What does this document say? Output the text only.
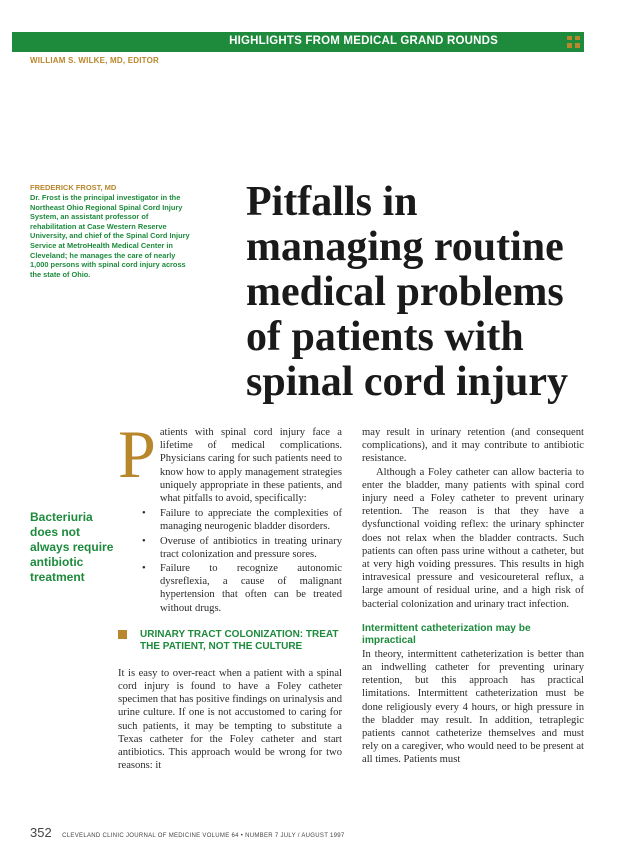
HIGHLIGHTS FROM MEDICAL GRAND ROUNDS
WILLIAM S. WILKE, MD, EDITOR
FREDERICK FROST, MD
Dr. Frost is the principal investigator in the Northeast Ohio Regional Spinal Cord Injury System, an assistant professor of rehabilitation at Case Western Reserve University, and chief of the Spinal Cord Injury Service at MetroHealth Medical Center in Cleveland; he manages the care of nearly 1,000 persons with spinal cord injury across the state of Ohio.
Pitfalls in managing routine medical problems of patients with spinal cord injury
Bacteriuria does not always require antibiotic treatment

Patients with spinal cord injury face a lifetime of medical complications. Physicians caring for such patients need to know how to apply management strategies uniquely appropriate in these patients, and what pitfalls to avoid, specifically:

• Failure to appreciate the complexities of managing neurogenic bladder disorders.
• Overuse of antibiotics in treating urinary tract colonization and pressure sores.
• Failure to recognize autonomic dysreflexia, a cause of malignant hypertension that often can be treated without drugs.
URINARY TRACT COLONIZATION: TREAT THE PATIENT, NOT THE CULTURE

It is easy to over-react when a patient with a spinal cord injury is found to have a Foley catheter specimen that has positive findings on urinalysis and urine culture. If one is not accustomed to caring for such patients, it may be tempting to substitute a Texas catheter for the Foley catheter and start antibiotics. This approach would be wrong for two reasons: it

may result in urinary retention (and consequent complications), and it may contribute to antibiotic resistance.

Although a Foley catheter can allow bacteria to enter the bladder, many patients with spinal cord injury need a Foley catheter to prevent urinary retention. The reason is that they have a dysfunctional voiding reflex: the urinary sphincter does not relax when the bladder contracts. Such patients can often pass urine without a catheter, but at very high voiding pressures. This results in high intravesical pressure and vesicoureteral reflux, a large amount of residual urine, and a high risk of bacterial colonization and urinary tract infection.

Intermittent catheterization may be impractical

In theory, intermittent catheterization is better than an indwelling catheter for preventing urinary retention, but this approach has practical limitations. Intermittent catheterization must be done religiously every 4 hours, or high pressure in the bladder may result. In addition, tetraplegic patients cannot catheterize themselves and must rely on a caregiver, who would need to be present at all times. Patients must

352 CLEVELAND CLINIC JOURNAL OF MEDICINE VOLUME 64 • NUMBER 7 JULY / AUGUST 1997
